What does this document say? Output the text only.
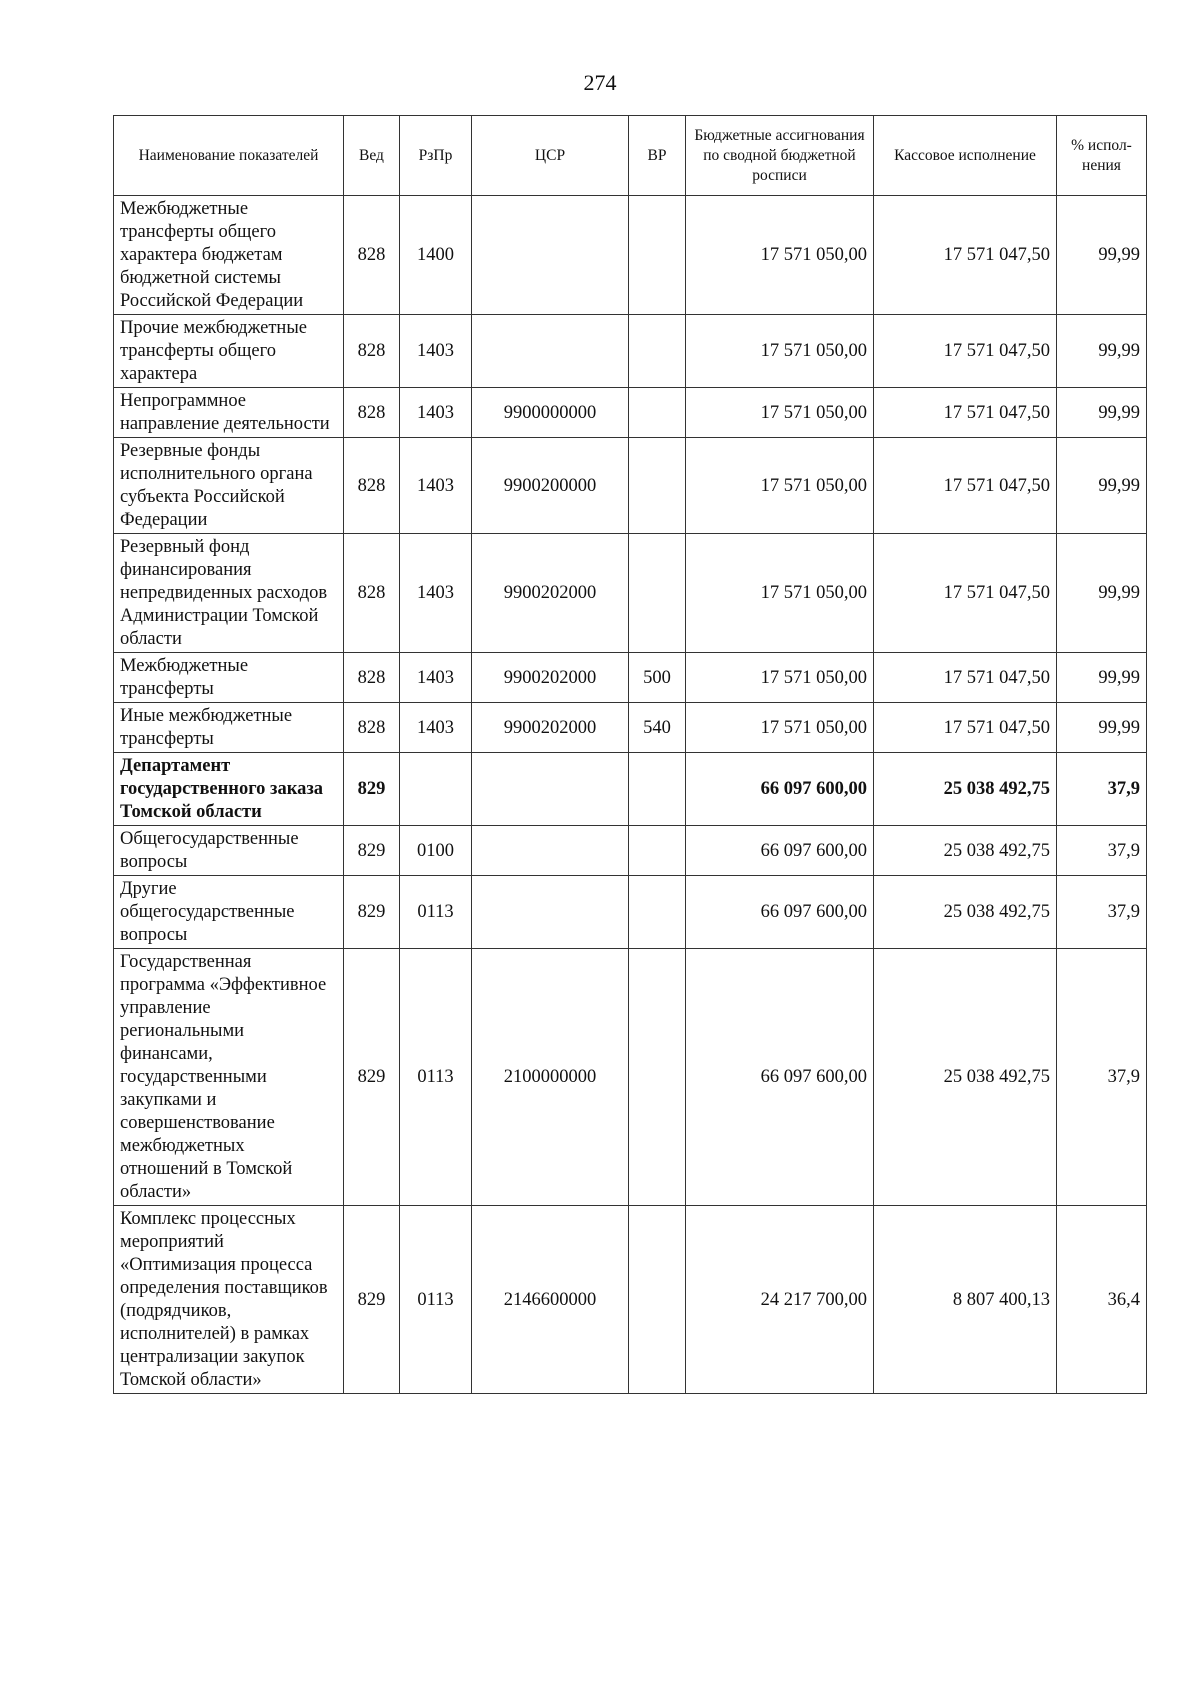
274
Наименование показателей	Вед	РзПр	ЦСР	ВР	Бюджетные ассигнования по сводной бюджетной росписи	Кассовое исполнение	% испол-нения
Межбюджетные трансферты общего характера бюджетам бюджетной системы Российской Федерации	828	1400			17 571 050,00	17 571 047,50	99,99
Прочие межбюджетные трансферты общего характера	828	1403			17 571 050,00	17 571 047,50	99,99
Непрограммное направление деятельности	828	1403	9900000000		17 571 050,00	17 571 047,50	99,99
Резервные фонды исполнительного органа субъекта Российской Федерации	828	1403	9900200000		17 571 050,00	17 571 047,50	99,99
Резервный фонд финансирования непредвиденных расходов Администрации Томской области	828	1403	9900202000		17 571 050,00	17 571 047,50	99,99
Межбюджетные трансферты	828	1403	9900202000	500	17 571 050,00	17 571 047,50	99,99
Иные межбюджетные трансферты	828	1403	9900202000	540	17 571 050,00	17 571 047,50	99,99
Департамент государственного заказа Томской области	829				66 097 600,00	25 038 492,75	37,9
Общегосударственные вопросы	829	0100			66 097 600,00	25 038 492,75	37,9
Другие общегосударственные вопросы	829	0113			66 097 600,00	25 038 492,75	37,9
Государственная программа «Эффективное управление региональными финансами, государственными закупками и совершенствование межбюджетных отношений в Томской области»	829	0113	2100000000		66 097 600,00	25 038 492,75	37,9
Комплекс процессных мероприятий «Оптимизация процесса определения поставщиков (подрядчиков, исполнителей) в рамках централизации закупок Томской области»	829	0113	2146600000		24 217 700,00	8 807 400,13	36,4
